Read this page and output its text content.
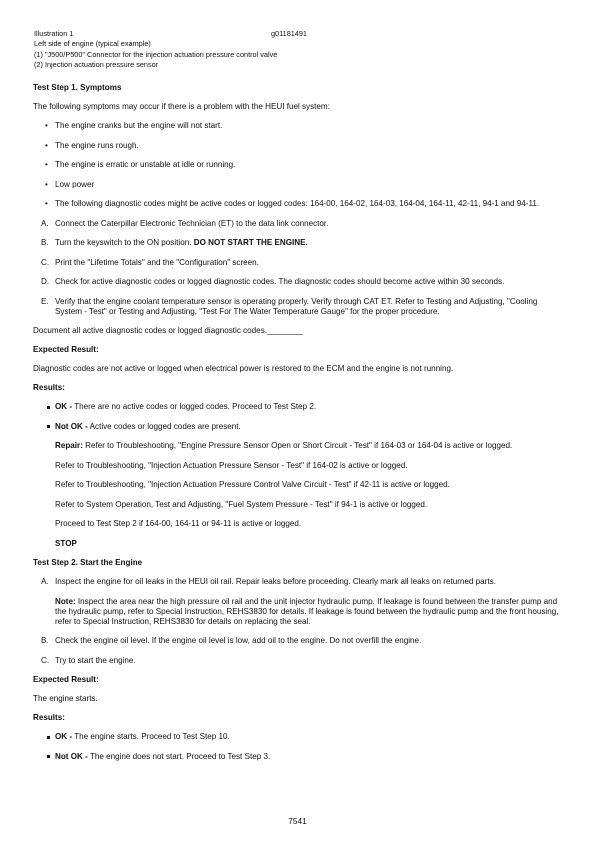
Illustration 1	g01181491
Left side of engine (typical example)
(1) "J500/P500" Connector for the injection actuation pressure control valve
(2) Injection actuation pressure sensor
Test Step 1. Symptoms
The following symptoms may occur if there is a problem with the HEUI fuel system:
• The engine cranks but the engine will not start.
• The engine runs rough.
• The engine is erratic or unstable at idle or running.
• Low power
• The following diagnostic codes might be active codes or logged codes: 164-00, 164-02, 164-03, 164-04, 164-11, 42-11, 94-1 and 94-11.
A. Connect the Caterpillar Electronic Technician (ET) to the data link connector.
B. Turn the keyswitch to the ON position. DO NOT START THE ENGINE.
C. Print the "Lifetime Totals" and the "Configuration" screen.
D. Check for active diagnostic codes or logged diagnostic codes. The diagnostic codes should become active within 30 seconds.
E. Verify that the engine coolant temperature sensor is operating properly. Verify through CAT ET. Refer to Testing and Adjusting, "Cooling System - Test" or Testing and Adjusting, "Test For The Water Temperature Gauge" for the proper procedure.
Document all active diagnostic codes or logged diagnostic codes.________
Expected Result:
Diagnostic codes are not active or logged when electrical power is restored to the ECM and the engine is not running.
Results:
OK - There are no active codes or logged codes. Proceed to Test Step 2.
Not OK - Active codes or logged codes are present.
Repair: Refer to Troubleshooting, "Engine Pressure Sensor Open or Short Circuit - Test" if 164-03 or 164-04 is active or logged.
Refer to Troubleshooting, "Injection Actuation Pressure Sensor - Test" if 164-02 is active or logged.
Refer to Troubleshooting, "Injection Actuation Pressure Control Valve Circuit - Test" if 42-11 is active or logged.
Refer to System Operation, Test and Adjusting, "Fuel System Pressure - Test" if 94-1 is active or logged.
Proceed to Test Step 2 if 164-00, 164-11 or 94-11 is active or logged.
STOP
Test Step 2. Start the Engine
A. Inspect the engine for oil leaks in the HEUI oil rail. Repair leaks before proceeding. Clearly mark all leaks on returned parts.
Note: Inspect the area near the high pressure oil rail and the unit injector hydraulic pump. If leakage is found between the transfer pump and the hydraulic pump, refer to Special Instruction, REHS3830 for details. If leakage is found between the hydraulic pump and the front housing, refer to Special Instruction, REHS3830 for details on replacing the seal.
B. Check the engine oil level. If the engine oil level is low, add oil to the engine. Do not overfill the engine.
C. Try to start the engine.
Expected Result:
The engine starts.
Results:
OK - The engine starts. Proceed to Test Step 10.
Not OK - The engine does not start. Proceed to Test Step 3.
7541
